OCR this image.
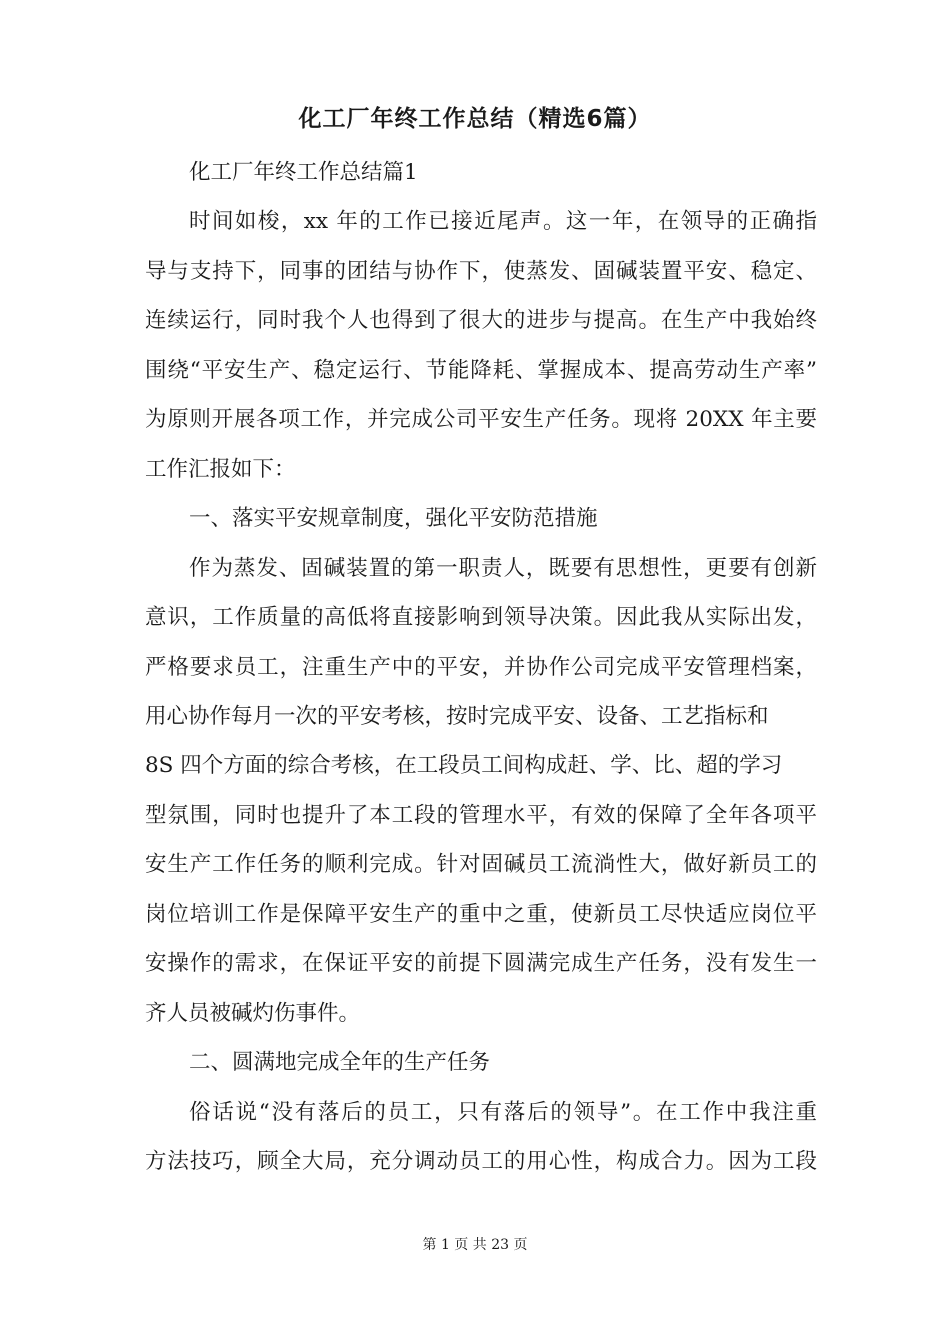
化工厂年终工作总结（精选6篇）

化工厂年终工作总结篇1

时间如梭，xx 年的工作已接近尾声。这一年，在领导的正确指

导与支持下，同事的团结与协作下，使蒸发、固碱装置平安、稳定、

连续运行，同时我个人也得到了很大的进步与提高。在生产中我始终

围绕“平安生产、稳定运行、节能降耗、掌握成本、提高劳动生产率”

为原则开展各项工作，并完成公司平安生产任务。现将 20XX 年主要

工作汇报如下：

一、落实平安规章制度，强化平安防范措施

作为蒸发、固碱装置的第一职责人，既要有思想性，更要有创新

意识，工作质量的高低将直接影响到领导决策。因此我从实际出发，

严格要求员工，注重生产中的平安，并协作公司完成平安管理档案，

用心协作每月一次的平安考核，按时完成平安、设备、工艺指标和

8S 四个方面的综合考核，在工段员工间构成赶、学、比、超的学习

型氛围，同时也提升了本工段的管理水平，有效的保障了全年各项平

安生产工作任务的顺利完成。针对固碱员工流淌性大，做好新员工的

岗位培训工作是保障平安生产的重中之重，使新员工尽快适应岗位平

安操作的需求，在保证平安的前提下圆满完成生产任务，没有发生一

齐人员被碱灼伤事件。

二、圆满地完成全年的生产任务

俗话说“没有落后的员工，只有落后的领导”。在工作中我注重

方法技巧，顾全大局，充分调动员工的用心性，构成合力。因为工段

第 1 页 共 23 页
